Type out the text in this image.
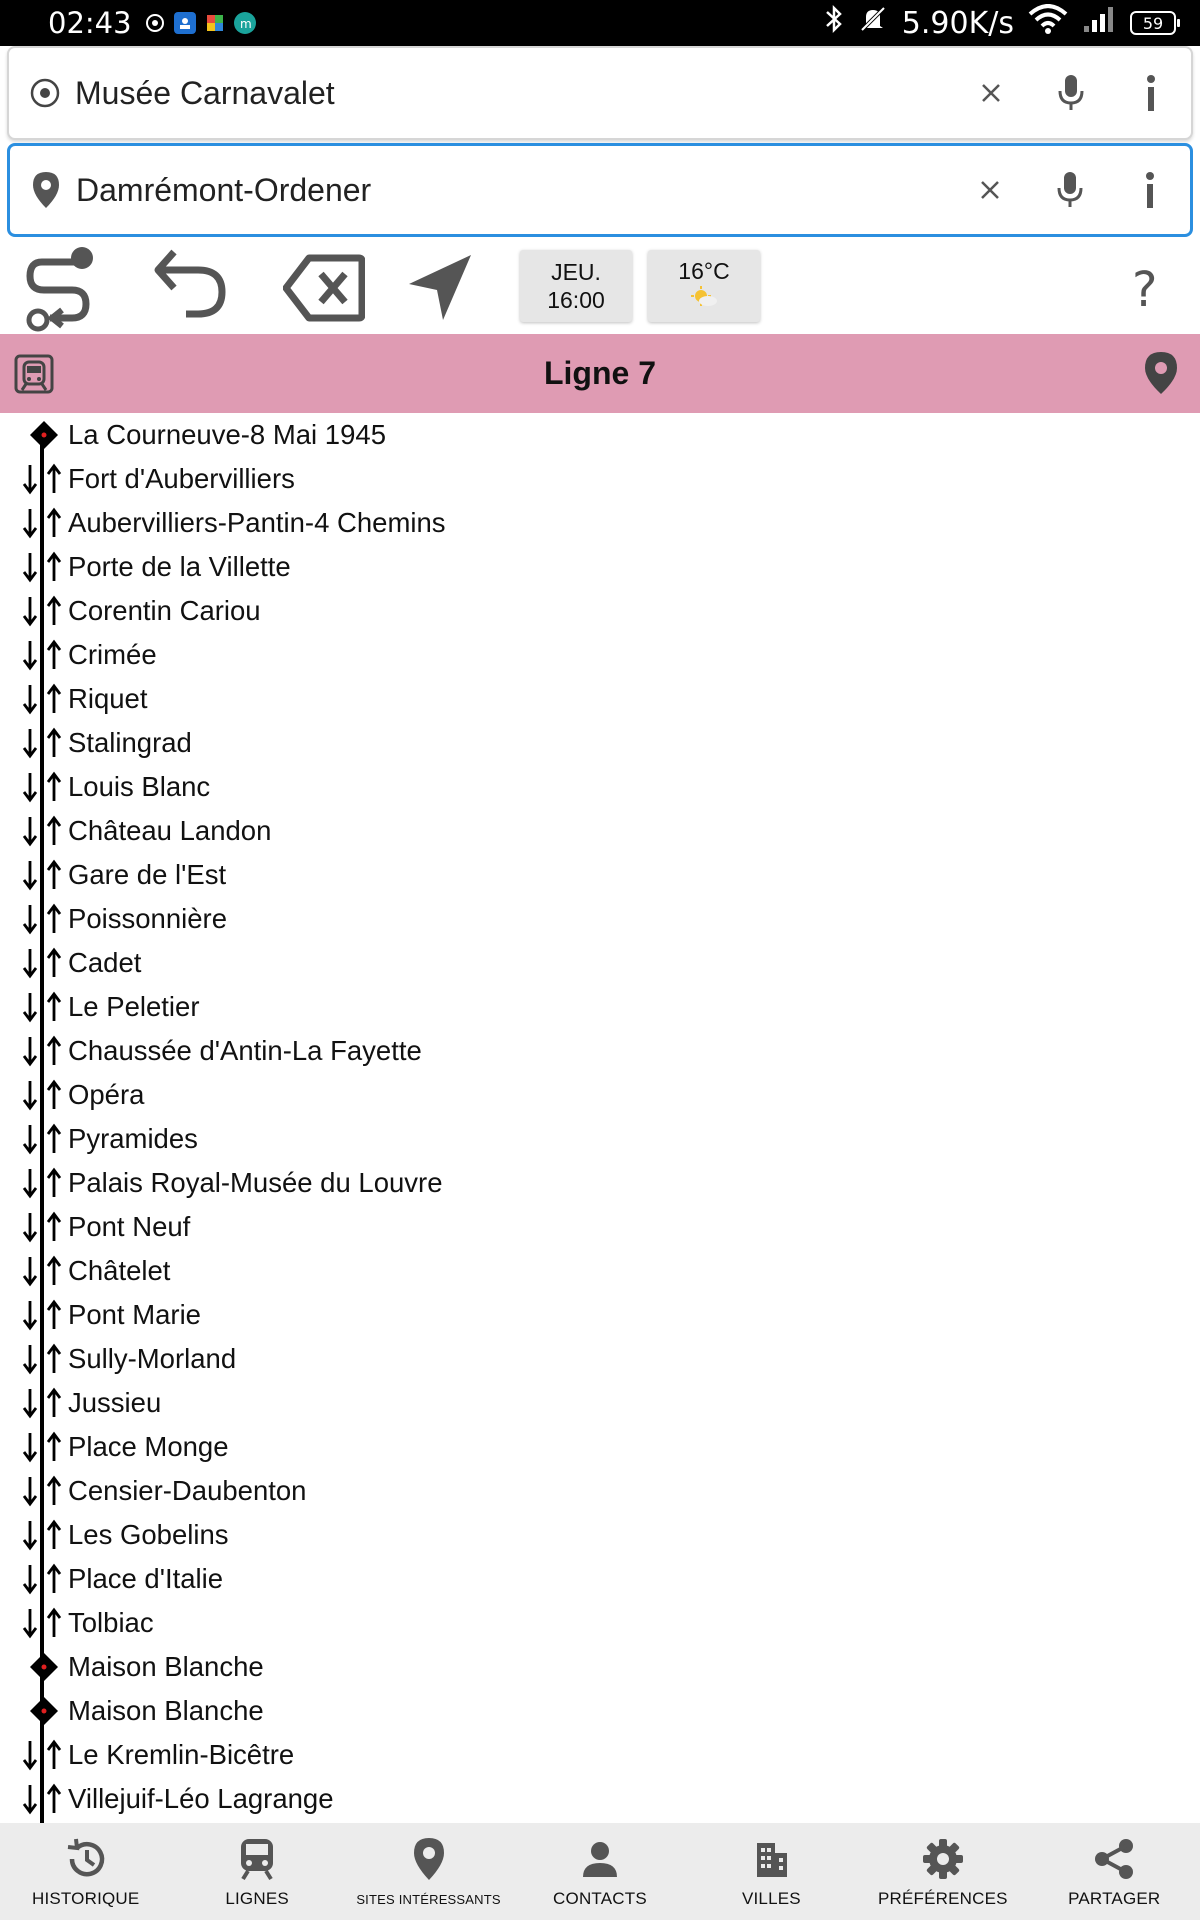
02:43	m	5.90K/s	59
Musée Carnavalet
Damrémont-Ordener
JEU.
16:00
16°C	?
Ligne 7
La Courneuve-8 Mai 1945
Fort d'Aubervilliers
Aubervilliers-Pantin-4 Chemins
Porte de la Villette
Corentin Cariou
Crimée
Riquet
Stalingrad
Louis Blanc
Château Landon
Gare de l'Est
Poissonnière
Cadet
Le Peletier
Chaussée d'Antin-La Fayette
Opéra
Pyramides
Palais Royal-Musée du Louvre
Pont Neuf
Châtelet
Pont Marie
Sully-Morland
Jussieu
Place Monge
Censier-Daubenton
Les Gobelins
Place d'Italie
Tolbiac
Maison Blanche
Maison Blanche
Le Kremlin-Bicêtre
Villejuif-Léo Lagrange
HISTORIQUE	LIGNES	SITES INTÉRESSANTS	CONTACTS	VILLES	PRÉFÉRENCES	PARTAGER
